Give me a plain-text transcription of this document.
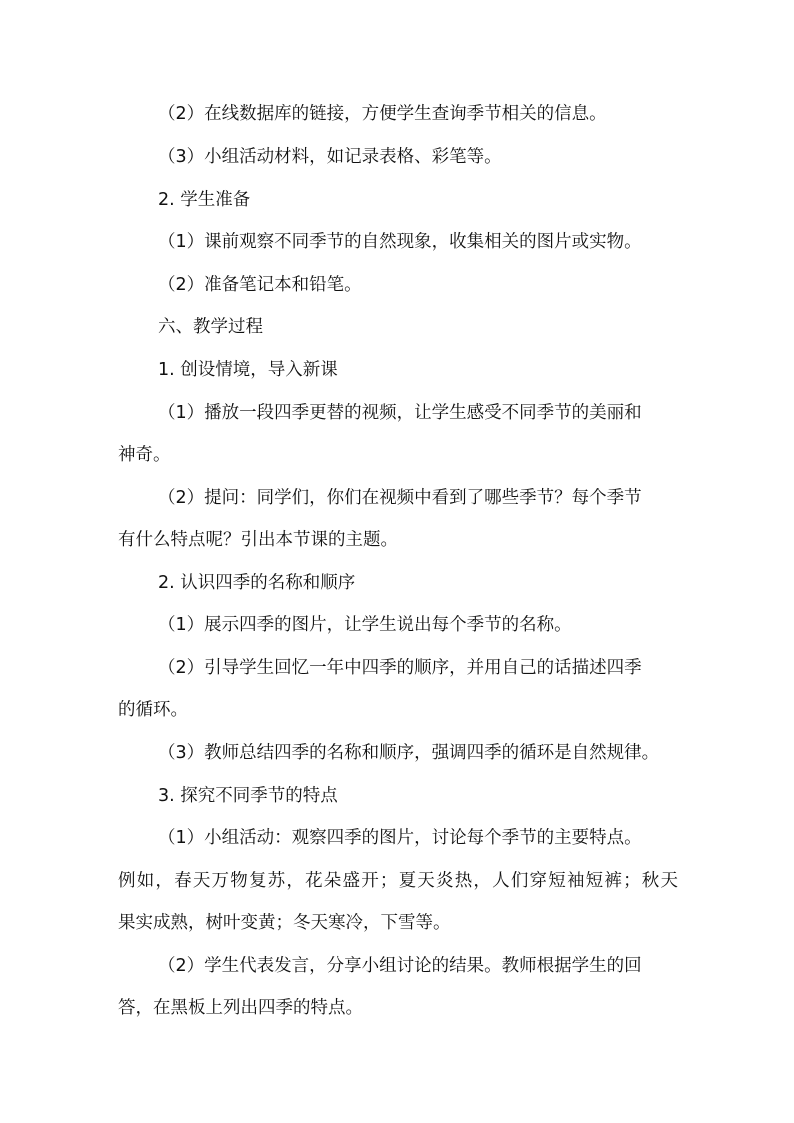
（2）在线数据库的链接，方便学生查询季节相关的信息。
（3）小组活动材料，如记录表格、彩笔等。
2. 学生准备
（1）课前观察不同季节的自然现象，收集相关的图片或实物。
（2）准备笔记本和铅笔。
六、教学过程
1. 创设情境，导入新课
（1）播放一段四季更替的视频，让学生感受不同季节的美丽和
神奇。
（2）提问：同学们，你们在视频中看到了哪些季节？每个季节
有什么特点呢？引出本节课的主题。
2. 认识四季的名称和顺序
（1）展示四季的图片，让学生说出每个季节的名称。
（2）引导学生回忆一年中四季的顺序，并用自己的话描述四季
的循环。
（3）教师总结四季的名称和顺序，强调四季的循环是自然规律。
3. 探究不同季节的特点
（1）小组活动：观察四季的图片，讨论每个季节的主要特点。
例如，春天万物复苏，花朵盛开；夏天炎热，人们穿短袖短裤；秋天
果实成熟，树叶变黄；冬天寒冷，下雪等。
（2）学生代表发言，分享小组讨论的结果。教师根据学生的回
答，在黑板上列出四季的特点。
